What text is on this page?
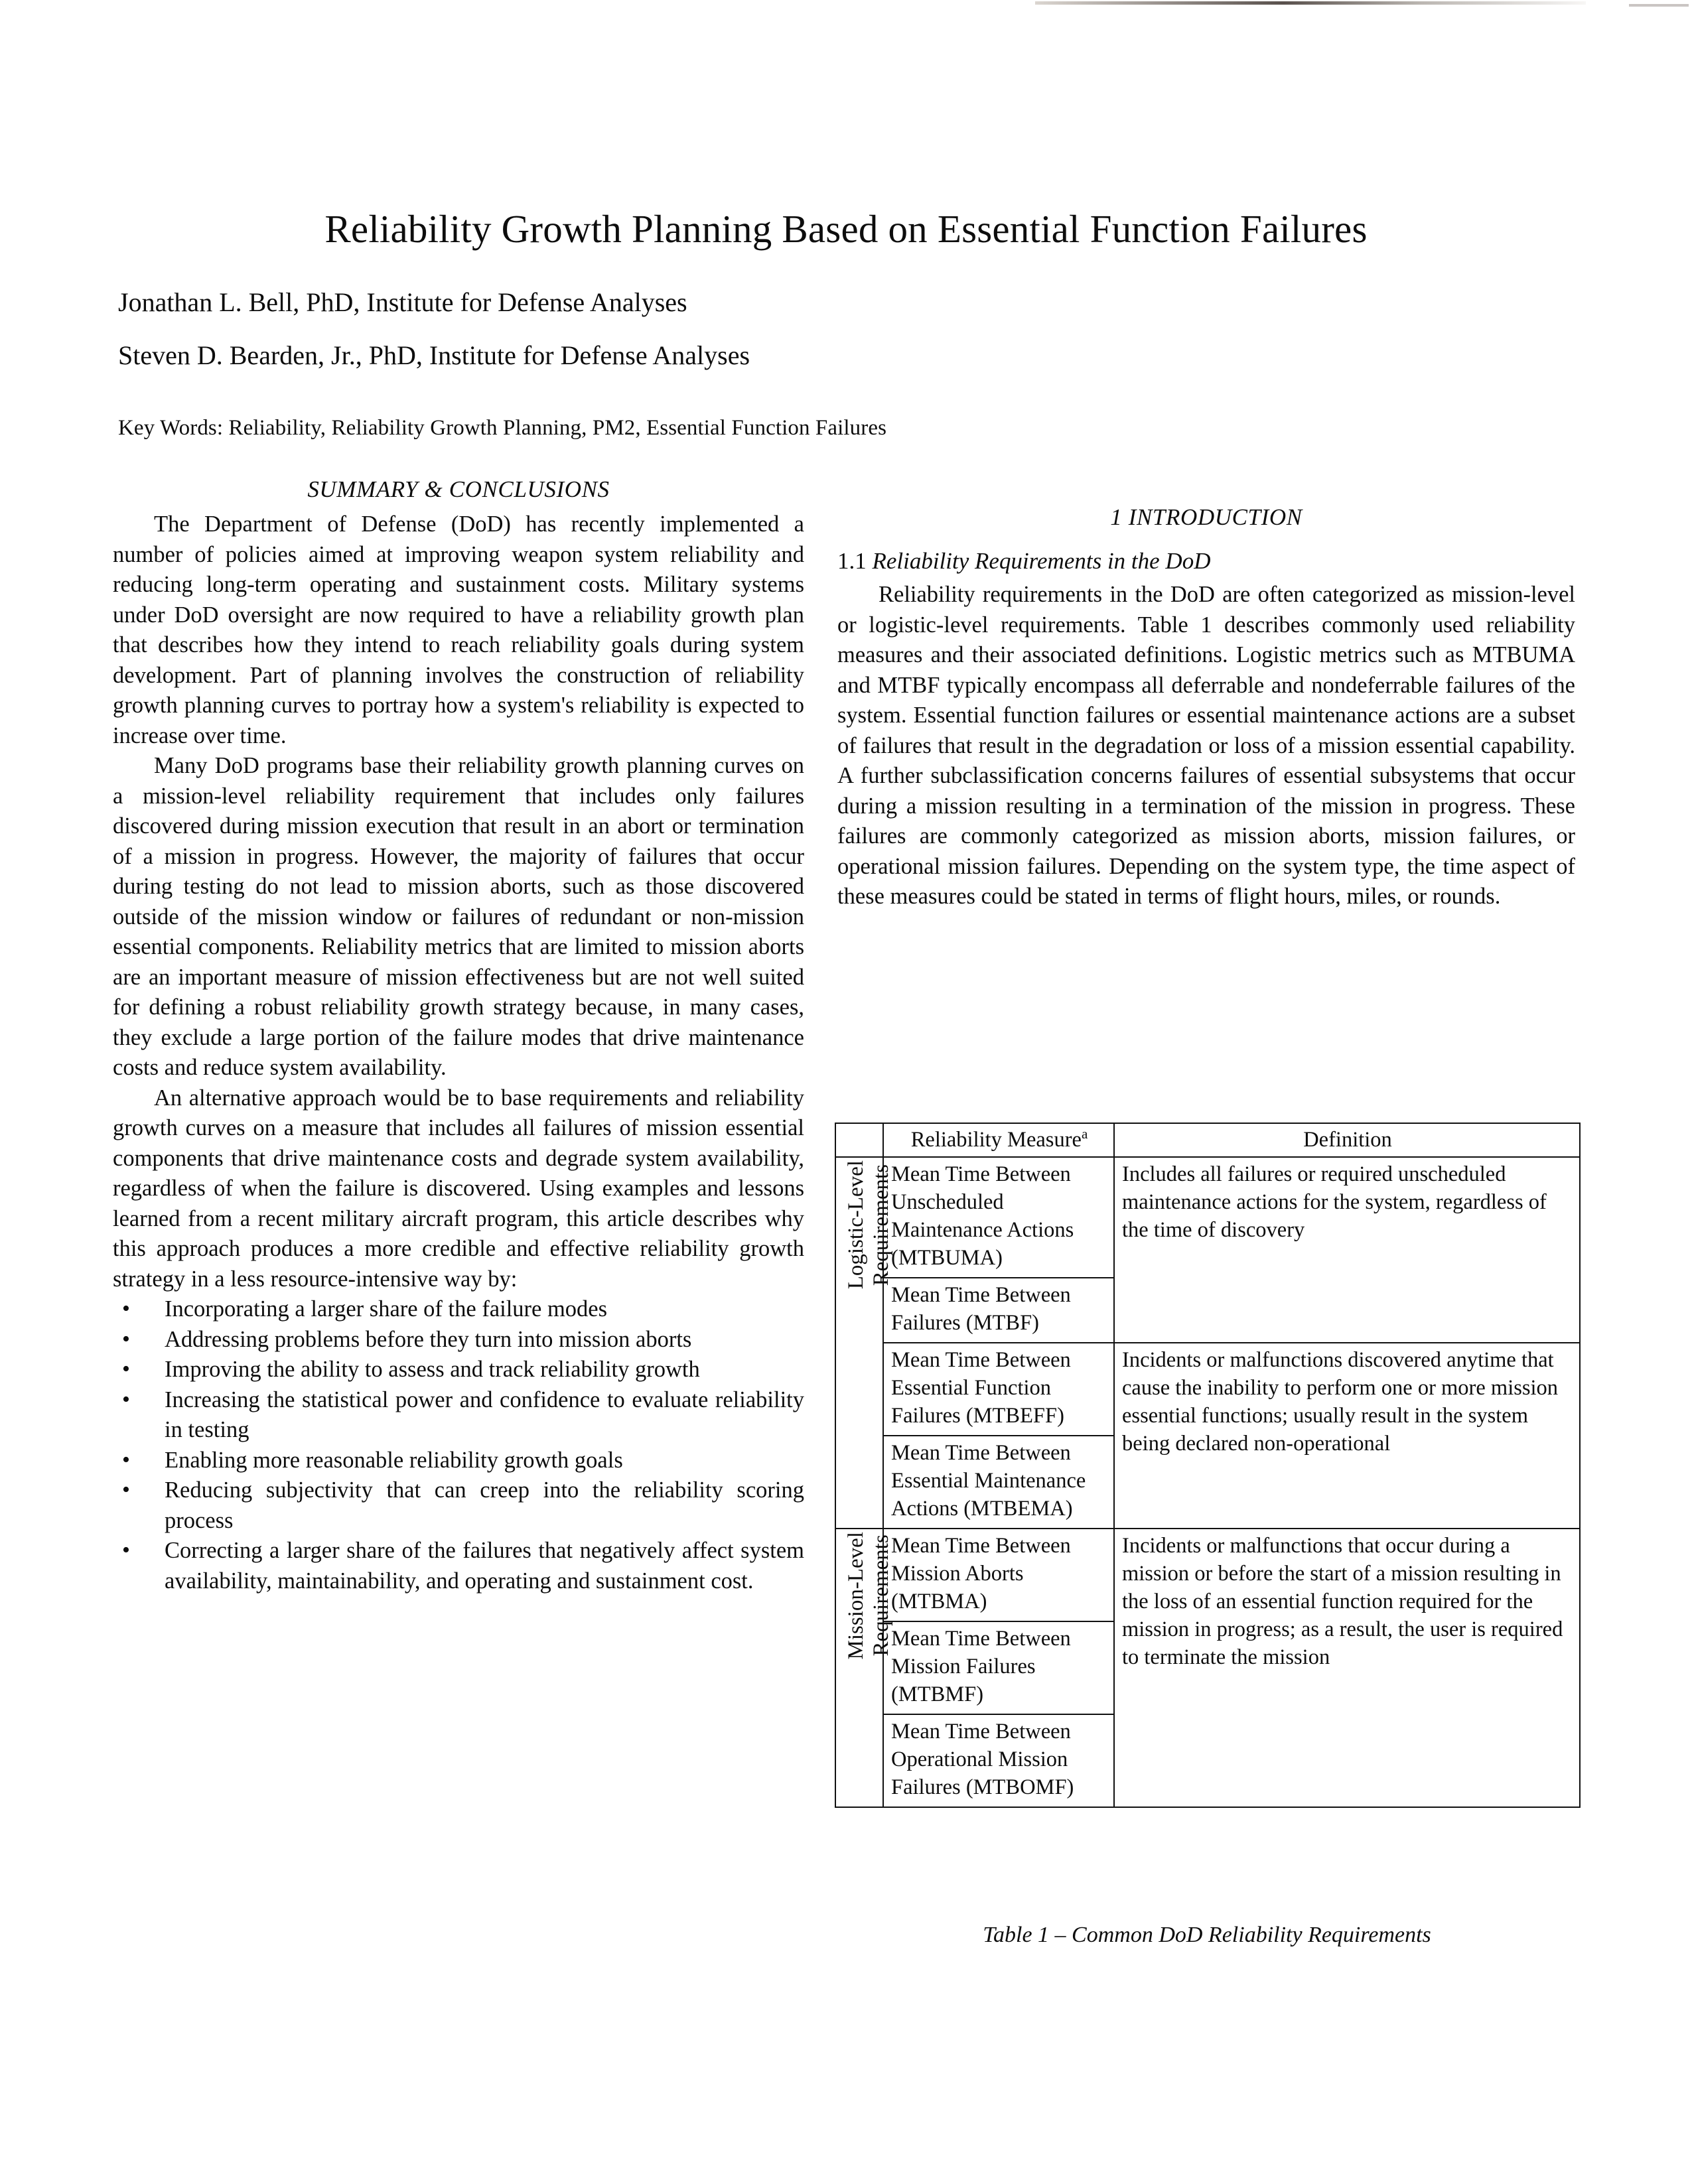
Reliability Growth Planning Based on Essential Function Failures
Jonathan L. Bell, PhD, Institute for Defense Analyses
Steven D. Bearden, Jr., PhD, Institute for Defense Analyses
Key Words: Reliability, Reliability Growth Planning, PM2, Essential Function Failures
SUMMARY & CONCLUSIONS

The Department of Defense (DoD) has recently implemented a number of policies aimed at improving weapon system reliability and reducing long-term operating and sustainment costs. Military systems under DoD oversight are now required to have a reliability growth plan that describes how they intend to reach reliability goals during system development. Part of planning involves the construction of reliability growth planning curves to portray how a system's reliability is expected to increase over time.

Many DoD programs base their reliability growth planning curves on a mission-level reliability requirement that includes only failures discovered during mission execution that result in an abort or termination of a mission in progress. However, the majority of failures that occur during testing do not lead to mission aborts, such as those discovered outside of the mission window or failures of redundant or non-mission essential components. Reliability metrics that are limited to mission aborts are an important measure of mission effectiveness but are not well suited for defining a robust reliability growth strategy because, in many cases, they exclude a large portion of the failure modes that drive maintenance costs and reduce system availability.

An alternative approach would be to base requirements and reliability growth curves on a measure that includes all failures of mission essential components that drive maintenance costs and degrade system availability, regardless of when the failure is discovered. Using examples and lessons learned from a recent military aircraft program, this article describes why this approach produces a more credible and effective reliability growth strategy in a less resource-intensive way by:

• Incorporating a larger share of the failure modes
• Addressing problems before they turn into mission aborts
• Improving the ability to assess and track reliability growth
• Increasing the statistical power and confidence to evaluate reliability in testing
• Enabling more reasonable reliability growth goals
• Reducing subjectivity that can creep into the reliability scoring process
• Correcting a larger share of the failures that negatively affect system availability, maintainability, and operating and sustainment cost.
1 INTRODUCTION
1.1 Reliability Requirements in the DoD

Reliability requirements in the DoD are often categorized as mission-level or logistic-level requirements. Table 1 describes commonly used reliability measures and their associated definitions. Logistic metrics such as MTBUMA and MTBF typically encompass all deferrable and nondeferrable failures of the system. Essential function failures or essential maintenance actions are a subset of failures that result in the degradation or loss of a mission essential capability. A further subclassification concerns failures of essential subsystems that occur during a mission resulting in a termination of the mission in progress. These failures are commonly categorized as mission aborts, mission failures, or operational mission failures. Depending on the system type, the time aspect of these measures could be stated in terms of flight hours, miles, or rounds.

	Reliability Measure$^a$	Definition
Logistic-Level
Requirements	Mean Time Between Unscheduled Maintenance Actions (MTBUMA)	Includes all failures or required unscheduled maintenance actions for the system, regardless of the time of discovery
	Mean Time Between Failures (MTBF)	
	Mean Time Between Essential Function Failures (MTBEFF)	Incidents or malfunctions discovered anytime that cause the inability to perform one or more mission essential functions; usually result in the system being declared non-operational
	Mean Time Between Essential Maintenance Actions (MTBEMA)	
Mission-Level
Requirements	Mean Time Between Mission Aborts (MTBMA)	Incidents or malfunctions that occur during a mission or before the start of a mission resulting in the loss of an essential function required for the mission in progress; as a result, the user is required to terminate the mission
	Mean Time Between Mission Failures (MTBMF)	
	Mean Time Between Operational Mission Failures (MTBOMF)	
Table 1 – Common DoD Reliability Requirements
